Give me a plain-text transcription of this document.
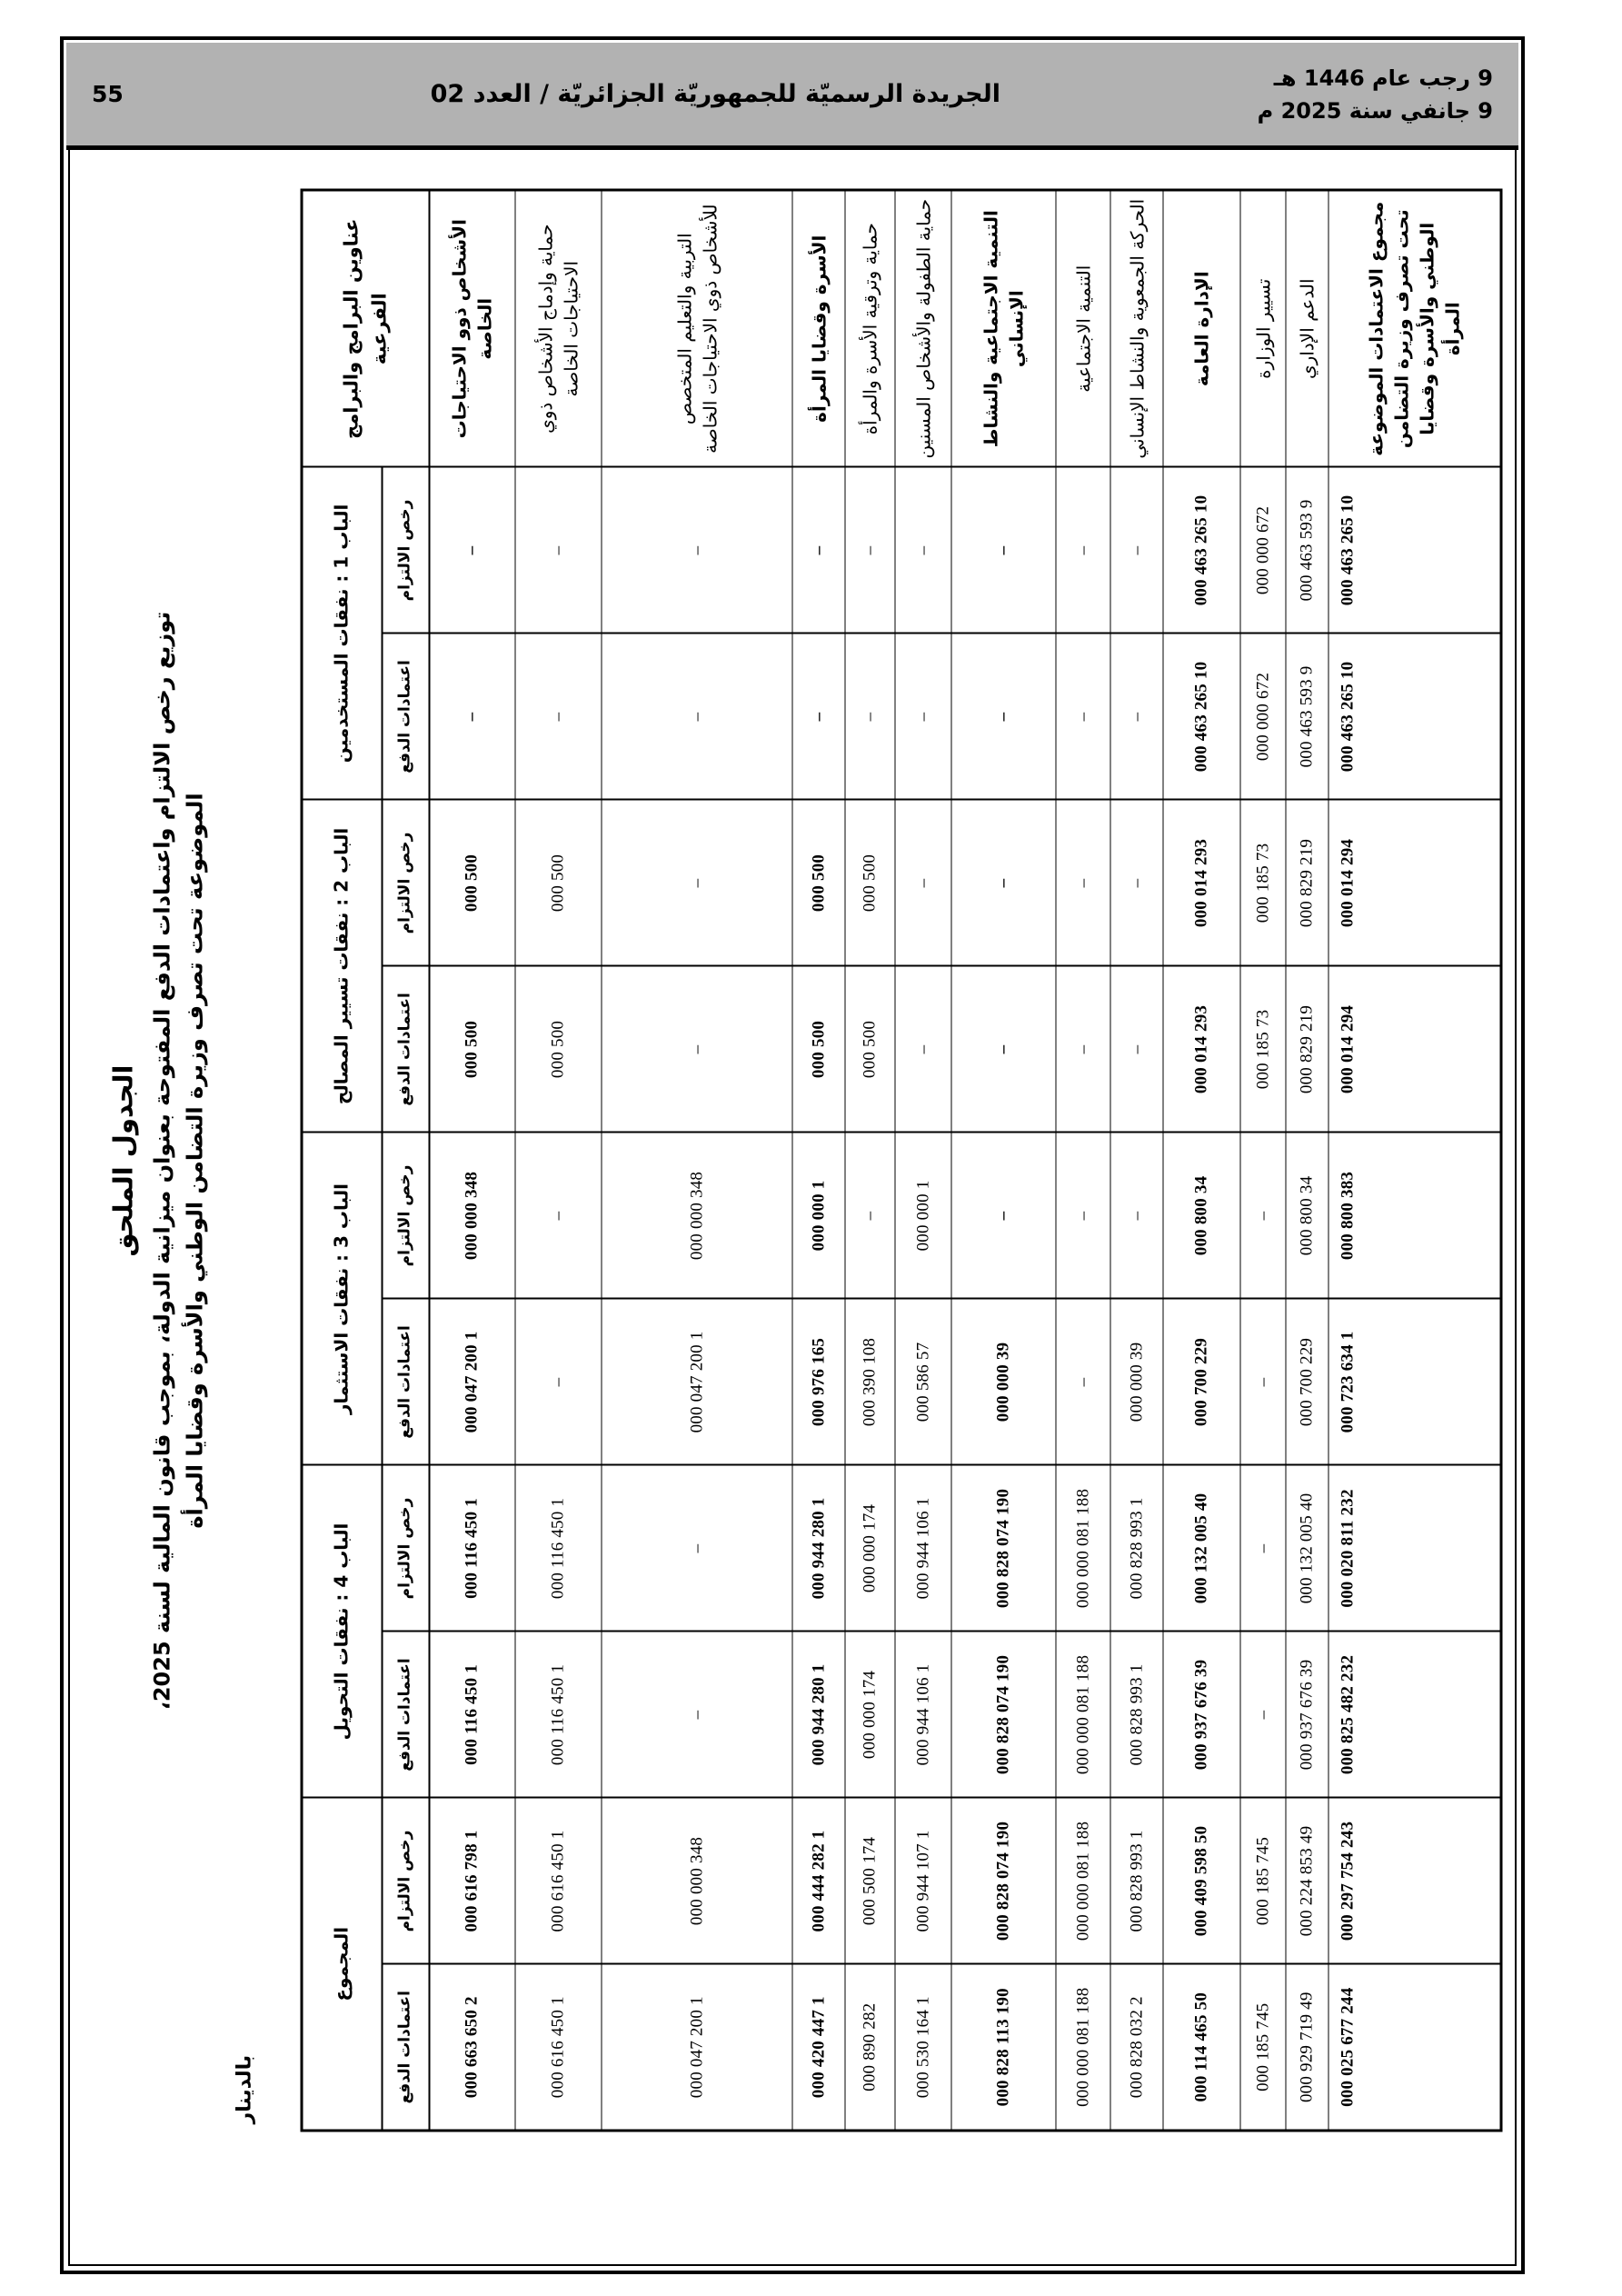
9 رجب عام 1446 هـ
9 جانفي سنة 2025 م
الجريدة الرسميّة للجمهوريّة الجزائريّة / العدد 02
55
الجدول الملحق
توزيع رخص الالتزام واعتمادات الدفع المفتوحة بعنوان ميزانية الدولة، بموجب قانون المالية لسنة 2025، الموضوعة تحت تصرف وزيرة التضامن الوطني والأسرة وقضايا المرأة
بالدينار
عناوين البرامج والبرامج الفرعية	الباب 1 : نفقات المستخدمين		الباب 2 : نفقات تسيير المصالح		الباب 3 : نفقات الاستثمار		الباب 4 : نفقات التحويل		المجموع	
	رخص الالتزام	اعتمادات الدفع	رخص الالتزام	اعتمادات الدفع	رخص الالتزام	اعتمادات الدفع	رخص الالتزام	اعتمادات الدفع	رخص الالتزام	اعتمادات الدفع
الأشخاص ذوو الاحتياجات الخاصة	–	–	500 000	500 000	348 000 000	1 200 047 000	1 450 116 000	1 450 116 000	1 798 616 000	2 650 663 000
حماية وإدماج الأشخاص ذوي الاحتياجات الخاصة	–	–	500 000	500 000	–	–	1 450 116 000	1 450 116 000	1 450 616 000	1 450 616 000
التربية والتعليم المتخصص للأشخاص ذوي الاحتياجات الخاصة	–	–	–	–	348 000 000	1 200 047 000	–	–	348 000 000	1 200 047 000
الأسرة وقضايا المرأة	–	–	500 000	500 000	1 000 000	165 976 000	1 280 944 000	1 280 944 000	1 282 444 000	1 447 420 000
حماية وترقية الأسرة والمرأة	–	–	500 000	500 000	–	108 390 000	174 000 000	174 000 000	174 500 000	282 890 000
حماية الطفولة والأشخاص المسنين	–	–	–	–	1 000 000	57 586 000	1 106 944 000	1 106 944 000	1 107 944 000	1 164 530 000
التنمية الاجتماعية والنشاط الإنساني	–	–	–	–	–	39 000 000	190 074 828 000	190 074 828 000	190 074 828 000	190 113 828 000
التنمية الاجتماعية	–	–	–	–	–	–	188 081 000 000	188 081 000 000	188 081 000 000	188 081 000 000
الحركة الجمعوية والنشاط الإنساني	–	–	–	–	–	39 000 000	1 993 828 000	1 993 828 000	1 993 828 000	2 032 828 000
الإدارة العامة	10 265 463 000	10 265 463 000	293 014 000	293 014 000	34 800 000	229 700 000	40 005 132 000	39 676 937 000	50 598 409 000	50 465 114 000
تسيير الوزارة	672 000 000	672 000 000	73 185 000	73 185 000	–	–	–	–	745 185 000	745 185 000
الدعم الإداري	9 593 463 000	9 593 463 000	219 829 000	219 829 000	34 800 000	229 700 000	40 005 132 000	39 676 937 000	49 853 224 000	49 719 929 000
مجموع الاعتمادات الموضوعة تحت تصرف وزيرة التضامن الوطني والأسرة وقضايا المرأة	10 265 463 000	10 265 463 000	294 014 000	294 014 000	383 800 000	1 634 723 000	232 811 020 000	232 482 825 000	243 754 297 000	244 677 025 000
